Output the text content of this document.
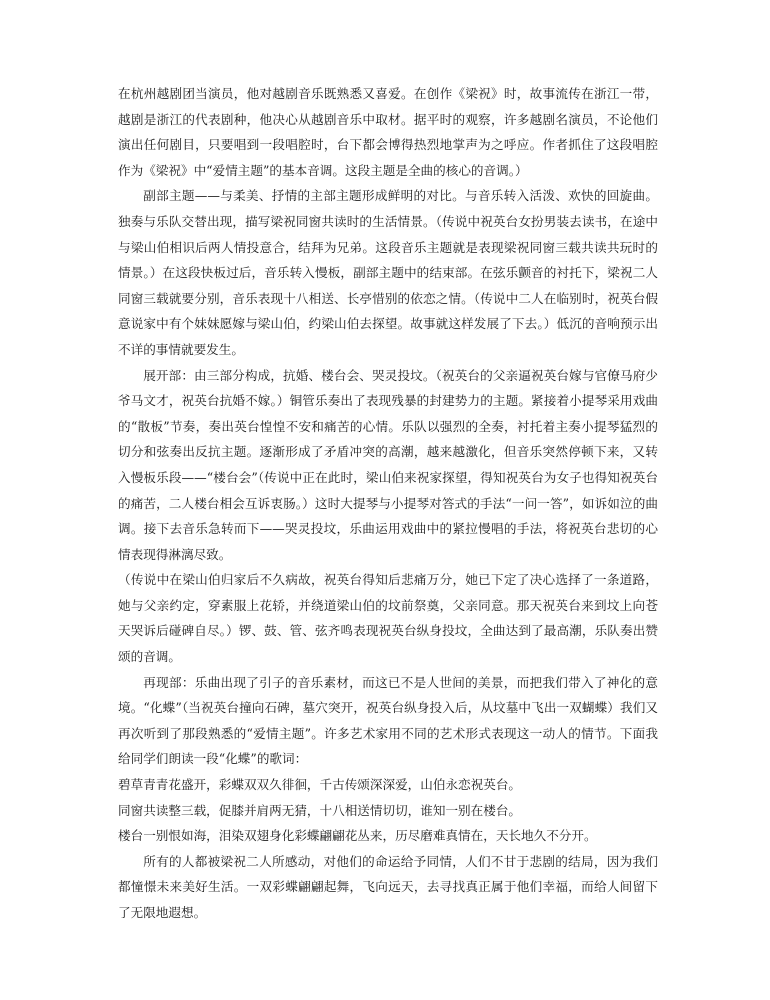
在杭州越剧团当演员，他对越剧音乐既熟悉又喜爱。在创作《梁祝》时，故事流传在浙江一带，越剧是浙江的代表剧种，他决心从越剧音乐中取材。据平时的观察，许多越剧名演员，不论他们演出任何剧目，只要唱到一段唱腔时，台下都会博得热烈地掌声为之呼应。作者抓住了这段唱腔作为《梁祝》中“爱情主题”的基本音调。这段主题是全曲的核心的音调。）

副部主题——与柔美、抒情的主部主题形成鲜明的对比。与音乐转入活泼、欢快的回旋曲。独奏与乐队交替出现，描写梁祝同窗共读时的生活情景。（传说中祝英台女扮男装去读书，在途中与梁山伯相识后两人情投意合，结拜为兄弟。这段音乐主题就是表现梁祝同窗三载共读共玩时的情景。）在这段快板过后，音乐转入慢板，副部主题中的结束部。在弦乐颤音的衬托下，梁祝二人同窗三载就要分别，音乐表现十八相送、长亭惜别的依恋之情。（传说中二人在临别时，祝英台假意说家中有个妹妹愿嫁与梁山伯，约梁山伯去探望。故事就这样发展了下去。）低沉的音响预示出不详的事情就要发生。

展开部：由三部分构成，抗婚、楼台会、哭灵投坟。（祝英台的父亲逼祝英台嫁与官僚马府少爷马文才，祝英台抗婚不嫁。）铜管乐奏出了表现残暴的封建势力的主题。紧接着小提琴采用戏曲的“散板”节奏，奏出英台惶惶不安和痛苦的心情。乐队以强烈的全奏，衬托着主奏小提琴猛烈的切分和弦奏出反抗主题。逐渐形成了矛盾冲突的高潮，越来越激化，但音乐突然停顿下来，又转入慢板乐段——“楼台会”（传说中正在此时，梁山伯来祝家探望，得知祝英台为女子也得知祝英台的痛苦，二人楼台相会互诉衷肠。）这时大提琴与小提琴对答式的手法“一问一答”，如诉如泣的曲调。接下去音乐急转而下——哭灵投坟，乐曲运用戏曲中的紧拉慢唱的手法，将祝英台悲切的心情表现得淋漓尽致。

（传说中在梁山伯归家后不久病故，祝英台得知后悲痛万分，她已下定了决心选择了一条道路，她与父亲约定，穿素服上花轿，并绕道梁山伯的坟前祭奠，父亲同意。那天祝英台来到坟上向苍天哭诉后碰碑自尽。）锣、鼓、管、弦齐鸣表现祝英台纵身投坟，全曲达到了最高潮，乐队奏出赞颂的音调。

再现部：乐曲出现了引子的音乐素材，而这已不是人世间的美景，而把我们带入了神化的意境。“化蝶”（当祝英台撞向石碑，墓穴突开，祝英台纵身投入后，从坟墓中飞出一双蝴蝶）我们又再次听到了那段熟悉的“爱情主题”。许多艺术家用不同的艺术形式表现这一动人的情节。下面我给同学们朗读一段“化蝶”的歌词：

碧草青青花盛开，彩蝶双双久徘徊，千古传颂深深爱，山伯永恋祝英台。

同窗共读整三载，促膝并肩两无猜，十八相送情切切，谁知一别在楼台。

楼台一别恨如海，泪染双翅身化彩蝶翩翩花丛来，历尽磨难真情在，天长地久不分开。

所有的人都被梁祝二人所感动，对他们的命运给予同情，人们不甘于悲剧的结局，因为我们都憧憬未来美好生活。一双彩蝶翩翩起舞，飞向远天，去寻找真正属于他们幸福，而给人间留下了无限地遐想。
